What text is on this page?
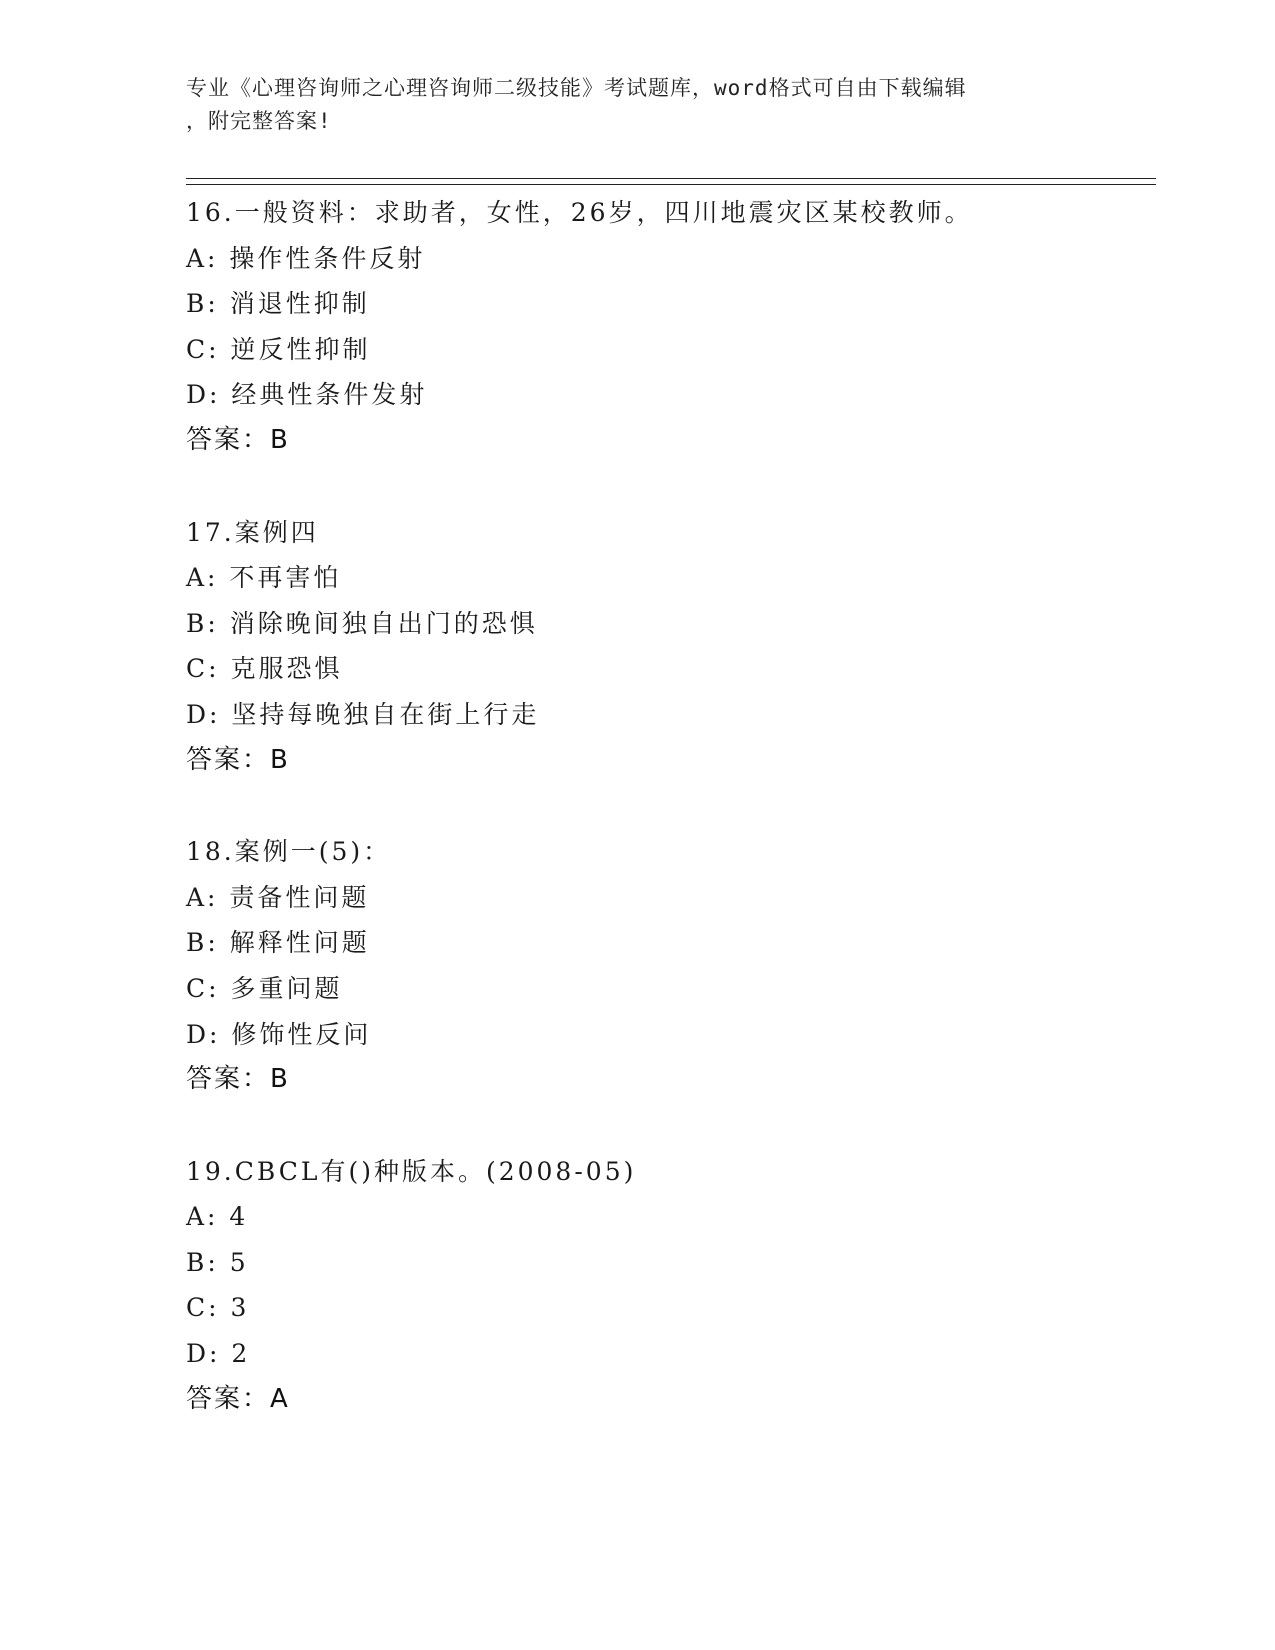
专业《心理咨询师之心理咨询师二级技能》考试题库，word格式可自由下载编辑
，附完整答案!
16.一般资料：求助者，女性，26岁，四川地震灾区某校教师。
A: 操作性条件反射
B: 消退性抑制
C: 逆反性抑制
D: 经典性条件发射
答案：B
17.案例四
A: 不再害怕
B: 消除晚间独自出门的恐惧
C: 克服恐惧
D: 坚持每晚独自在街上行走
答案：B
18.案例一(5)：
A: 责备性问题
B: 解释性问题
C: 多重问题
D: 修饰性反问
答案：B
19.CBCL有()种版本。(2008-05)
A: 4
B: 5
C: 3
D: 2
答案：A
